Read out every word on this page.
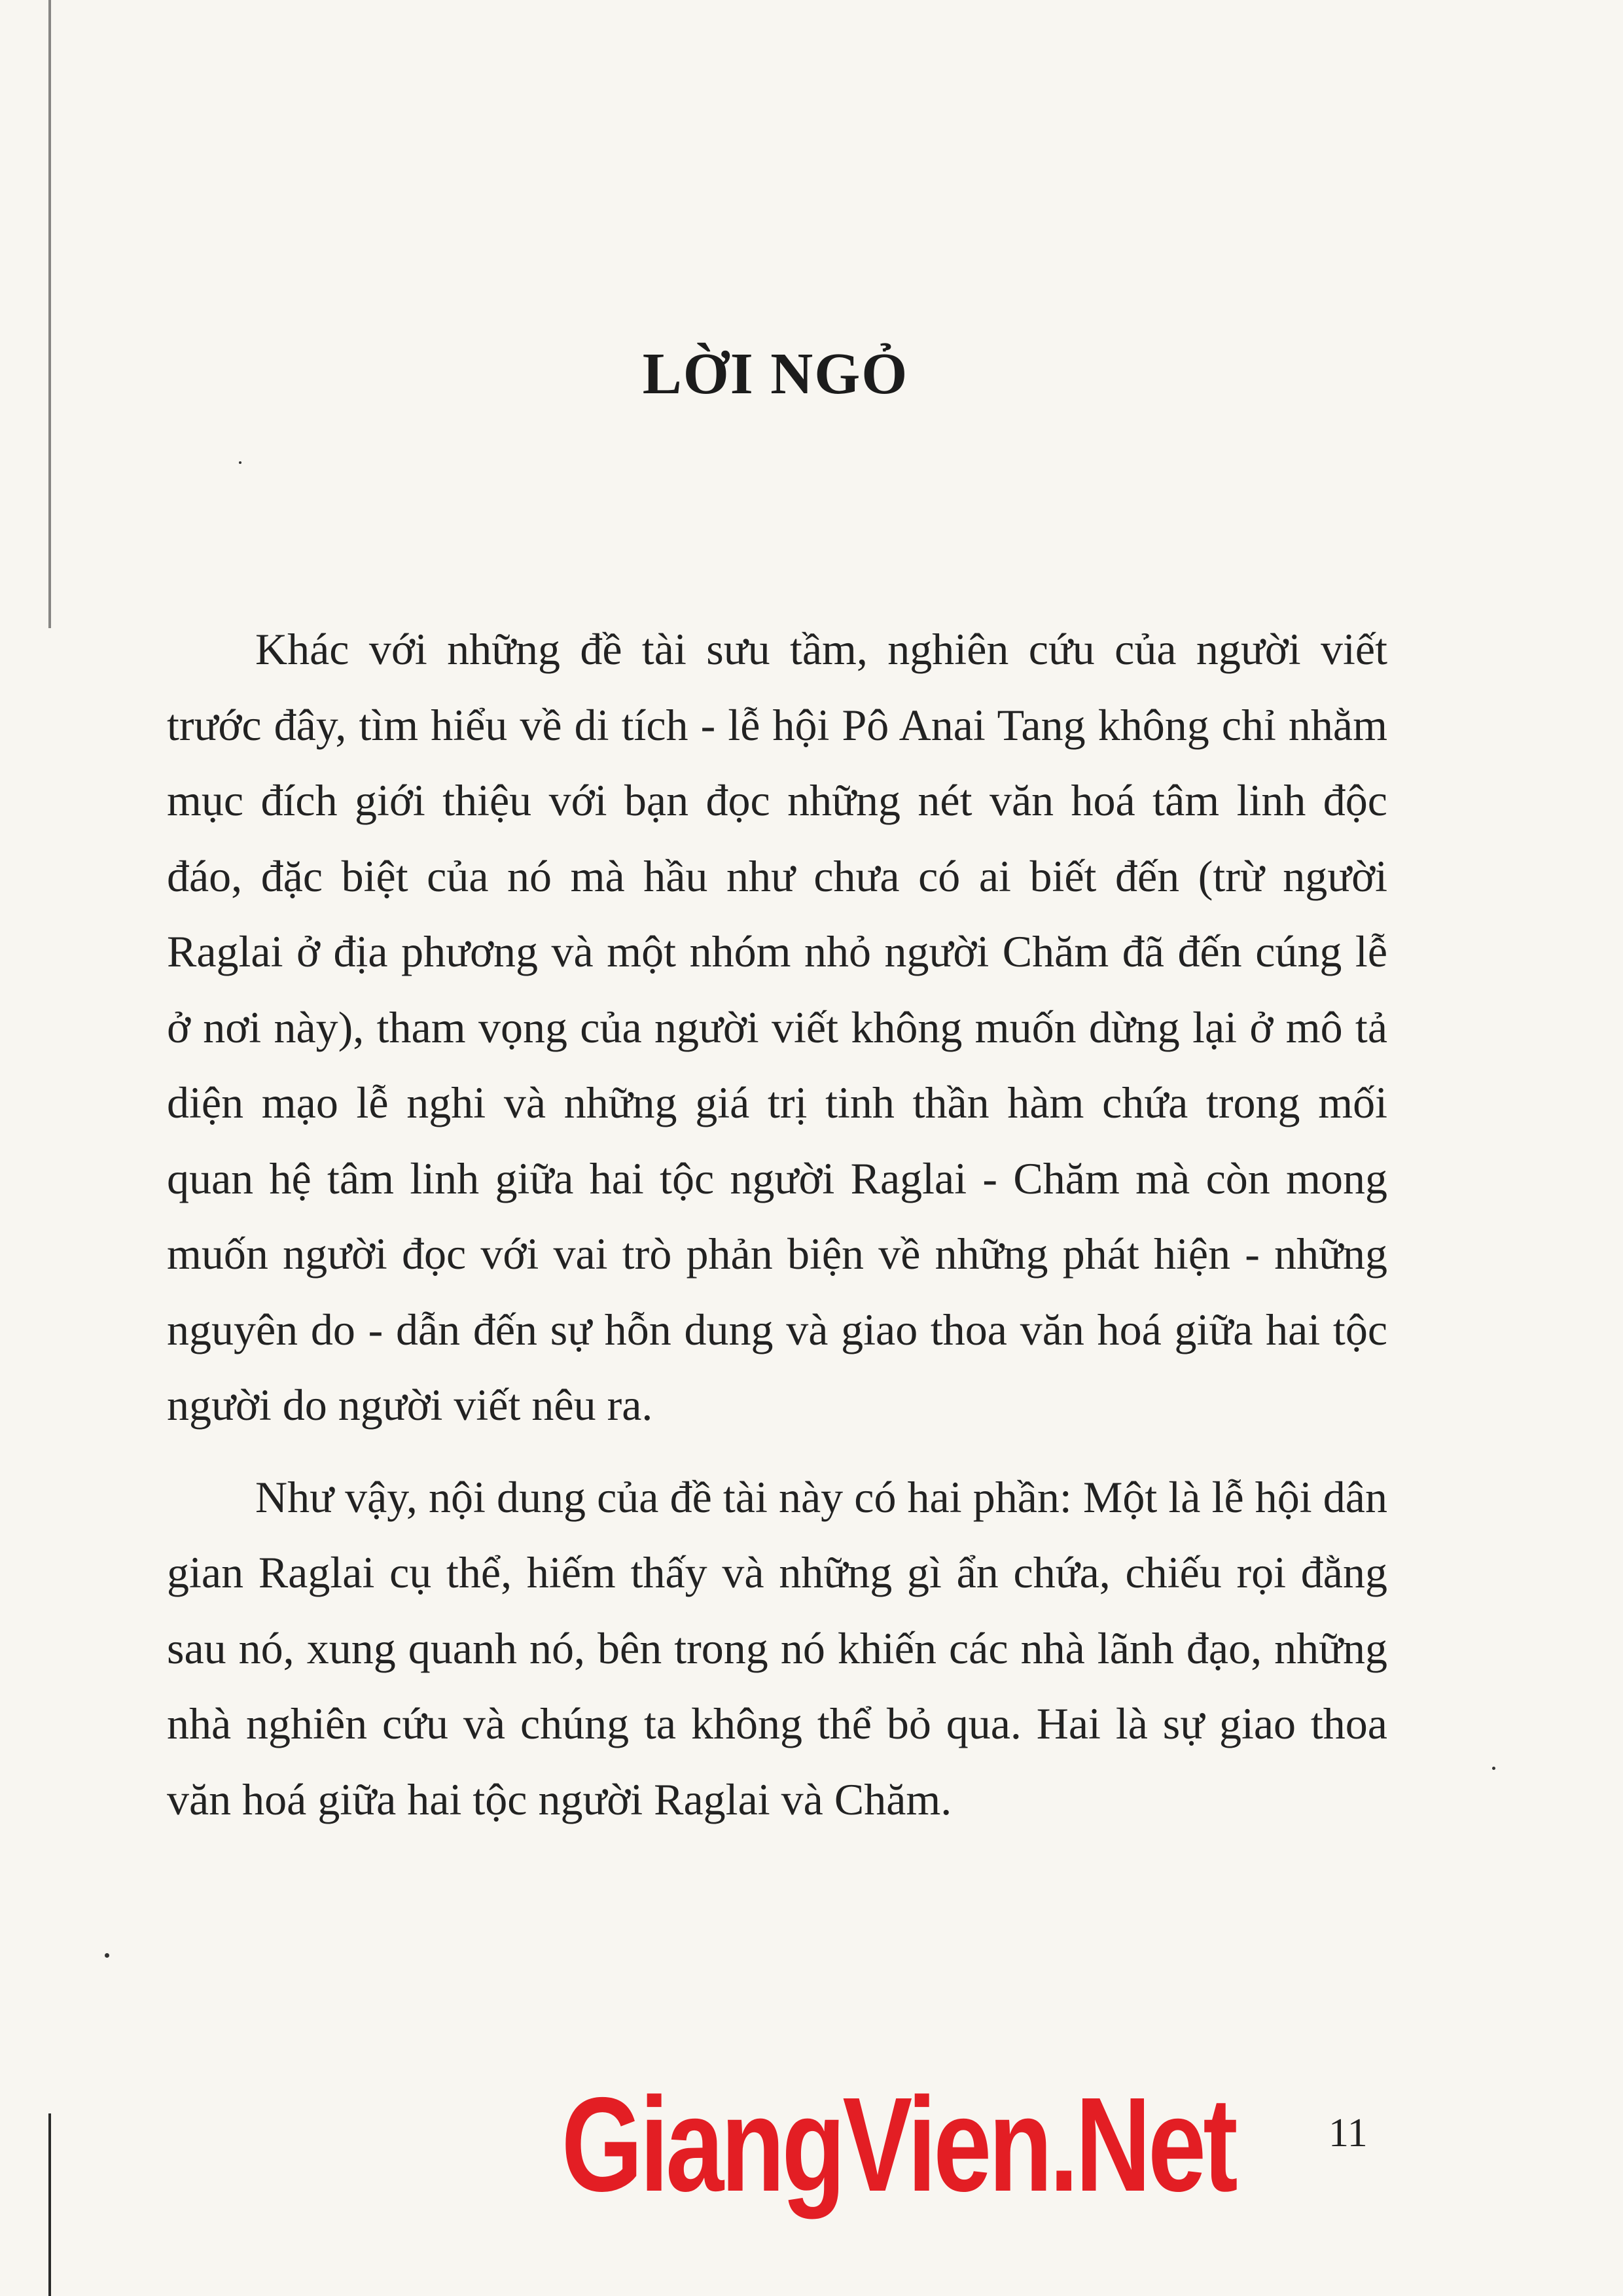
LỜI NGỎ

Khác với những đề tài sưu tầm, nghiên cứu của người viết trước đây, tìm hiểu về di tích - lễ hội Pô Anai Tang không chỉ nhằm mục đích giới thiệu với bạn đọc những nét văn hoá tâm linh độc đáo, đặc biệt của nó mà hầu như chưa có ai biết đến (trừ người Raglai ở địa phương và một nhóm nhỏ người Chăm đã đến cúng lễ ở nơi này), tham vọng của người viết không muốn dừng lại ở mô tả diện mạo lễ nghi và những giá trị tinh thần hàm chứa trong mối quan hệ tâm linh giữa hai tộc người Raglai - Chăm mà còn mong muốn người đọc với vai trò phản biện về những phát hiện - những nguyên do - dẫn đến sự hỗn dung và giao thoa văn hoá giữa hai tộc người do người viết nêu ra.

Như vậy, nội dung của đề tài này có hai phần: Một là lễ hội dân gian Raglai cụ thể, hiếm thấy và những gì ẩn chứa, chiếu rọi đằng sau nó, xung quanh nó, bên trong nó khiến các nhà lãnh đạo, những nhà nghiên cứu và chúng ta không thể bỏ qua. Hai là sự giao thoa văn hoá giữa hai tộc người Raglai và Chăm.

GiangVien.Net 11
